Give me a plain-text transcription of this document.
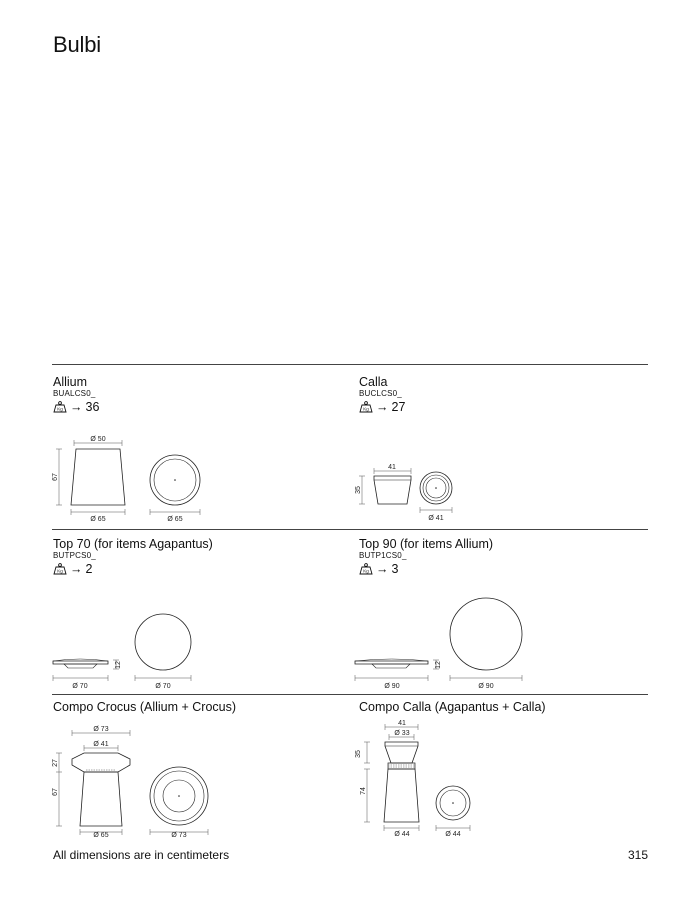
Bulbi
Allium
BUALCS0_
Kg → 36
Ø 50
67
Ø 65	Ø 65
Calla
BUCLCS0_
Kg → 27
41
35
Ø 41
Top 70 (for items Agapantus)
BUTPCS0_
Kg → 2
12
Ø 70	Ø 70
Top 90 (for items Allium)
BUTP1CS0_
Kg → 3
12
Ø 90	Ø 90
Compo Crocus (Allium + Crocus)
Ø 73
Ø 41
27
67
Ø 65	Ø 73
Compo Calla (Agapantus + Calla)
41
Ø 33
35
74
Ø 44	Ø 44
All dimensions are in centimeters	315
